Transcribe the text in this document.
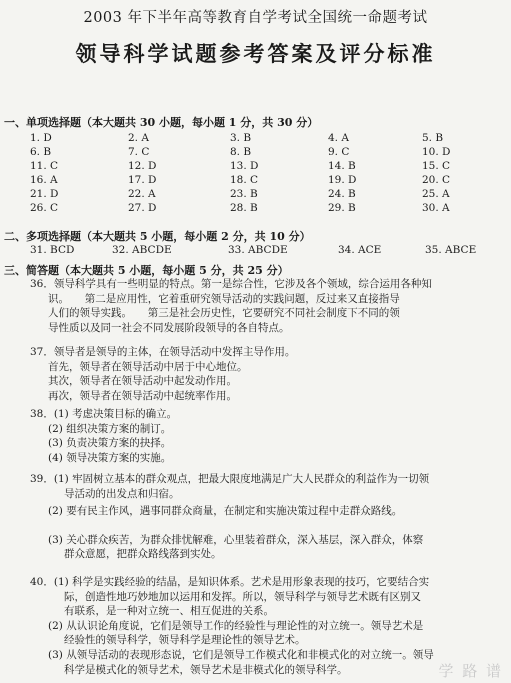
2003 年下半年高等教育自学考试全国统一命题考试
领导科学试题参考答案及评分标准
一、单项选择题（本大题共 30 小题，每小题 1 分，共 30 分）
1. D	2. A	3. B	4. A	5. B
6. B	7. C	8. B	9. C	10. D
11. C	12. D	13. D	14. B	15. C
16. A	17. D	18. C	19. D	20. C
21. D	22. A	23. B	24. B	25. A
26. C	27. D	28. B	29. B	30. A
二、多项选择题（本大题共 5 小题，每小题 2 分，共 10 分）
31. BCD	32. ABCDE	33. ABCDE	34. ACE	35. ABCE
三、简答题（本大题共 5 小题，每小题 5 分，共 25 分）
36．领导科学具有一些明显的特点。第一是综合性，它涉及各个领域，综合运用各种知
识。　　第二是应用性，它着重研究领导活动的实践问题，反过来又直接指导
人们的领导实践。　　第三是社会历史性，它要研究不同社会制度下不同的领
导性质以及同一社会不同发展阶段领导的各自特点。
37．领导者是领导的主体，在领导活动中发挥主导作用。
首先，领导者在领导活动中居于中心地位。
其次，领导者在领导活动中起发动作用。
再次，领导者在领导活动中起统率作用。
38．(1) 考虑决策目标的确立。
(2) 组织决策方案的制订。
(3) 负责决策方案的抉择。
(4) 领导决策方案的实施。
39．(1) 牢固树立基本的群众观点，把最大限度地满足广大人民群众的利益作为一切领
导活动的出发点和归宿。
(2) 要有民主作风，遇事同群众商量，在制定和实施决策过程中走群众路线。
(3) 关心群众疾苦，为群众排忧解难，心里装着群众，深入基层，深入群众，体察
群众意愿，把群众路线落到实处。
40．(1) 科学是实践经验的结晶，是知识体系。艺术是用形象表现的技巧，它要结合实
际，创造性地巧妙地加以运用和发挥。所以，领导科学与领导艺术既有区别又
有联系，是一种对立统一、相互促进的关系。
(2) 从认识论角度说，它们是领导工作的经验性与理论性的对立统一。领导艺术是
经验性的领导科学，领导科学是理论性的领导艺术。
(3) 从领导活动的表现形态说，它们是领导工作模式化和非模式化的对立统一。领导
科学是模式化的领导艺术，领导艺术是非模式化的领导科学。	学 路 谱
